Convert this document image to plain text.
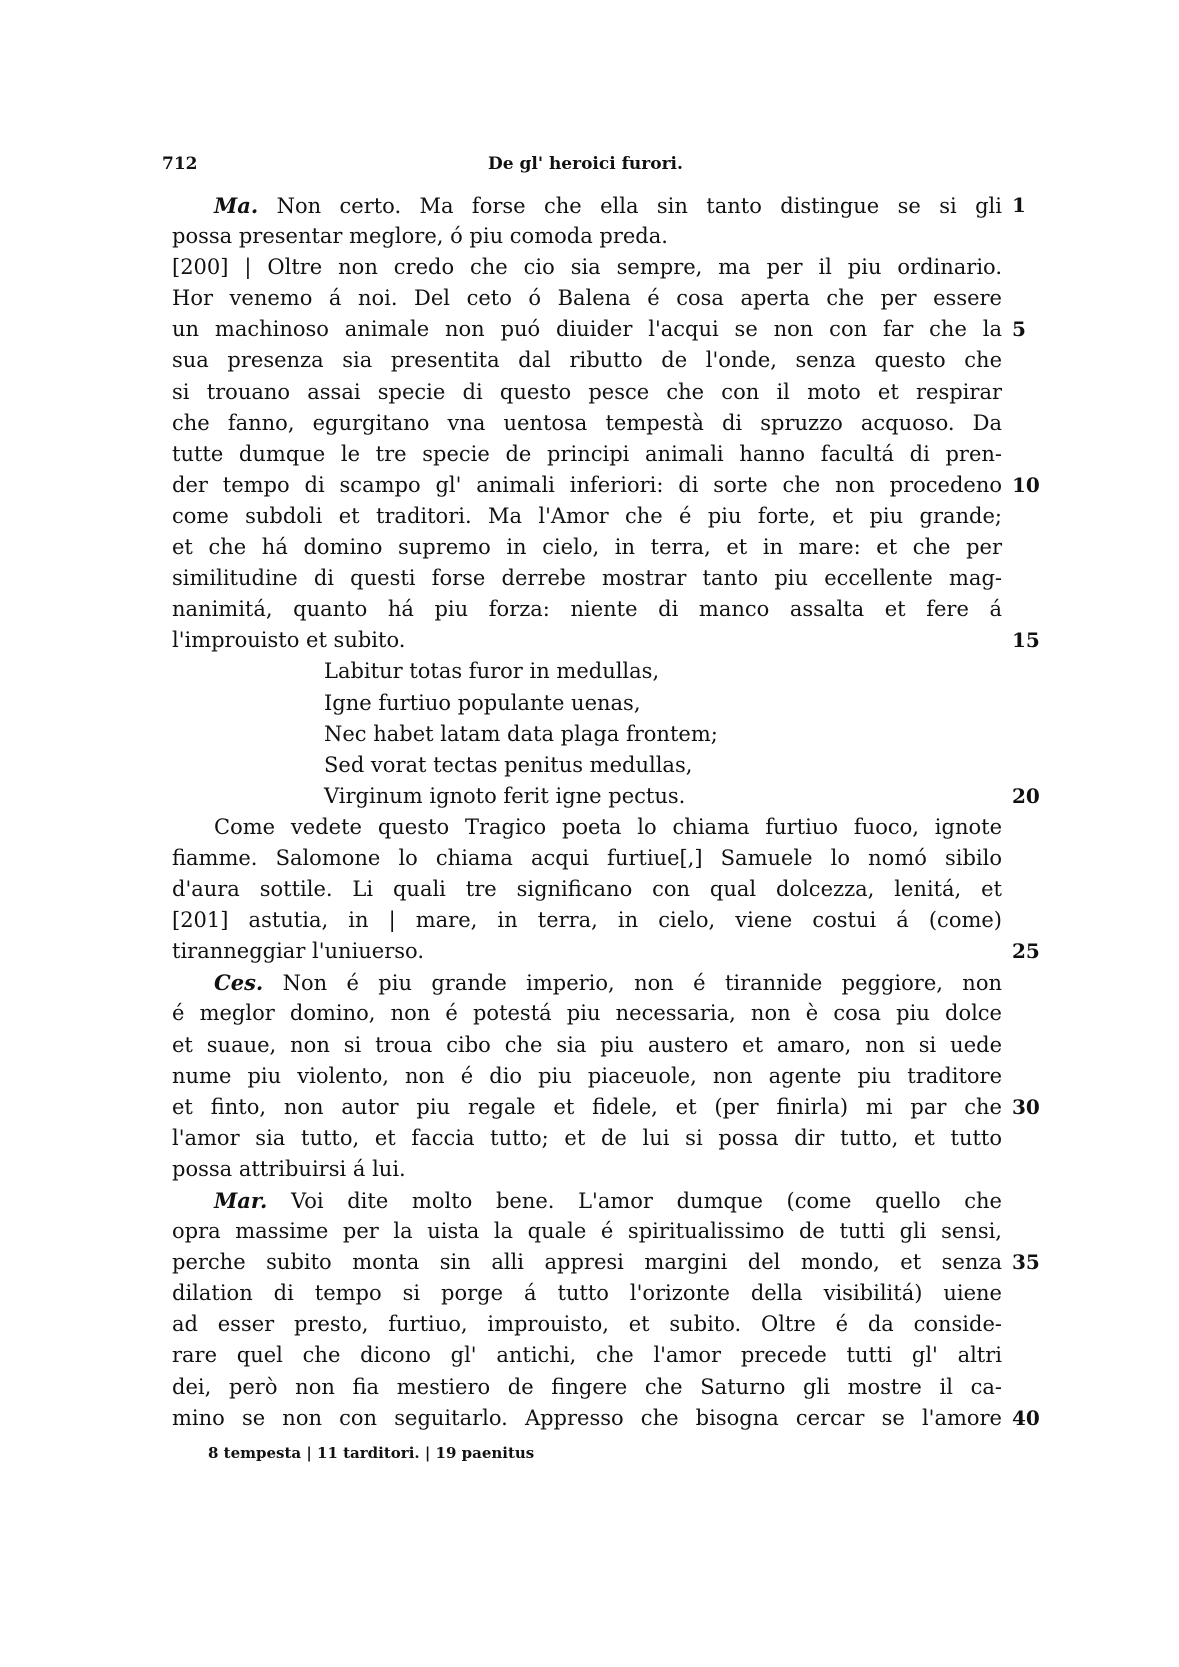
712	De gl' heroici furori.
Ma. Non certo. Ma forse che ella sin tanto distingue se si gli 1
possa presentar meglore, ó piu comoda preda.
[200] | Oltre non credo che cio sia sempre, ma per il piu ordinario.
Hor venemo á noi. Del ceto ó Balena é cosa aperta che per essere
un machinoso animale non puó diuider l'acqui se non con far che la 5
sua presenza sia presentita dal ributto de l'onde, senza questo che
si trouano assai specie di questo pesce che con il moto et respirar
che fanno, egurgitano vna uentosa tempestà di spruzzo acquoso. Da
tutte dumque le tre specie de principi animali hanno facultá di pren-
der tempo di scampo gl' animali inferiori: di sorte che non procedeno 10
come subdoli et traditori. Ma l'Amor che é piu forte, et piu grande;
et che há domino supremo in cielo, in terra, et in mare: et che per
similitudine di questi forse derrebe mostrar tanto piu eccellente mag-
nanimitá, quanto há piu forza: niente di manco assalta et fere á
l'improuisto et subito.	15
Labitur totas furor in medullas,
Igne furtiuo populante uenas,
Nec habet latam data plaga frontem;
Sed vorat tectas penitus medullas,
Virginum ignoto ferit igne pectus.	20
Come vedete questo Tragico poeta lo chiama furtiuo fuoco, ignote
fiamme. Salomone lo chiama acqui furtiue[,] Samuele lo nomó sibilo
d'aura sottile. Li quali tre significano con qual dolcezza, lenitá, et
[201] astutia, in | mare, in terra, in cielo, viene costui á (come)
tiranneggiar l'uniuerso.	25
Ces. Non é piu grande imperio, non é tirannide peggiore, non
é meglor domino, non é potestá piu necessaria, non è cosa piu dolce
et suaue, non si troua cibo che sia piu austero et amaro, non si uede
nume piu violento, non é dio piu piaceuole, non agente piu traditore
et finto, non autor piu regale et fidele, et (per finirla) mi par che 30
l'amor sia tutto, et faccia tutto; et de lui si possa dir tutto, et tutto
possa attribuirsi á lui.
Mar. Voi dite molto bene. L'amor dumque (come quello che
opra massime per la uista la quale é spiritualissimo de tutti gli sensi,
perche subito monta sin alli appresi margini del mondo, et senza 35
dilation di tempo si porge á tutto l'orizonte della visibilitá) uiene
ad esser presto, furtiuo, improuisto, et subito. Oltre é da conside-
rare quel che dicono gl' antichi, che l'amor precede tutti gl' altri
dei, però non fia mestiero de fingere che Saturno gli mostre il ca-
mino se non con seguitarlo. Appresso che bisogna cercar se l'amore 40
8 tempesta | 11 tarditori. | 19 paenitus
